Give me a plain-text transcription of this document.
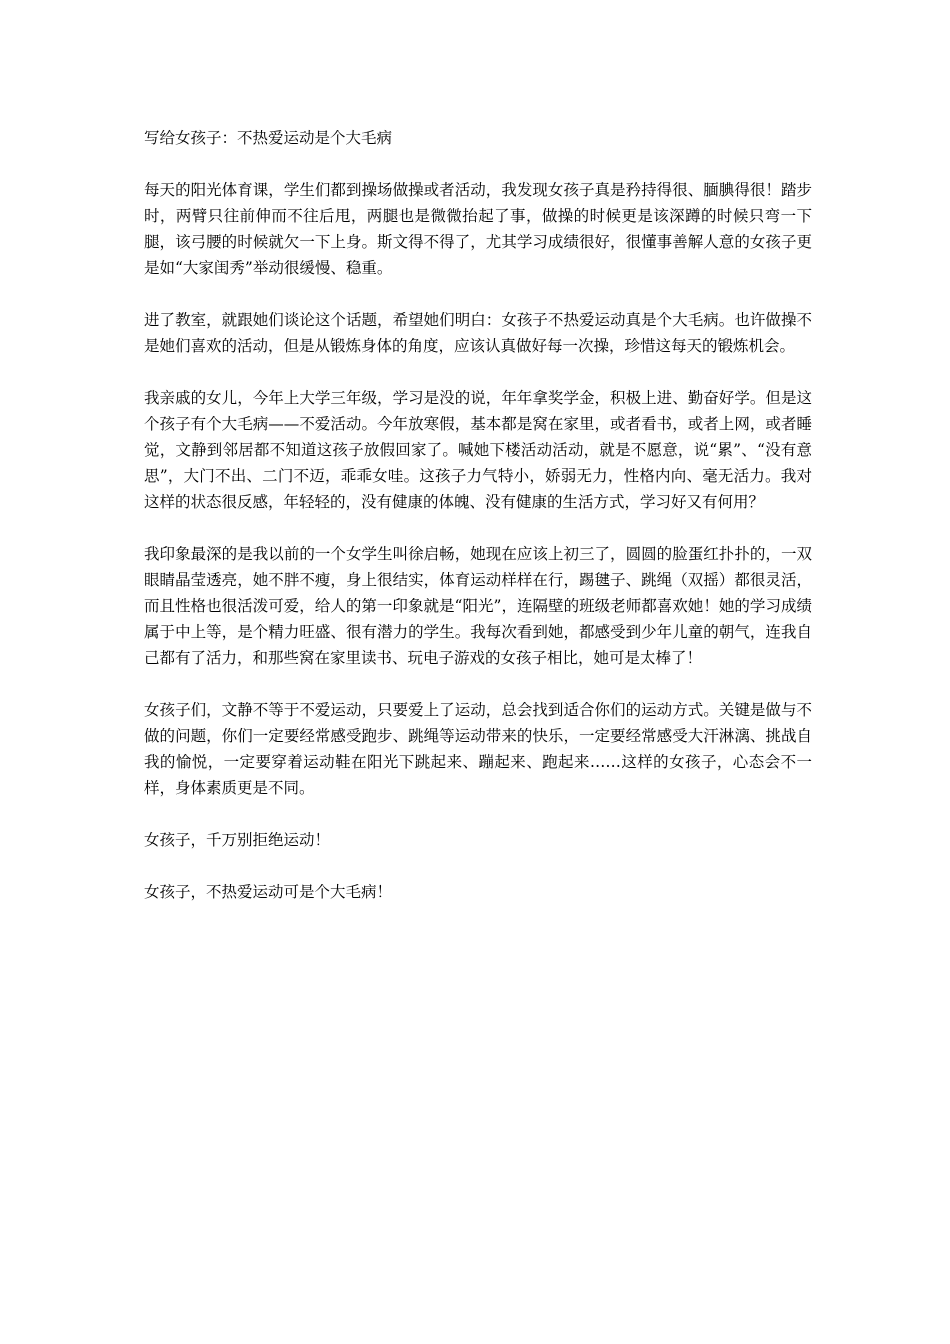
写给女孩子：不热爱运动是个大毛病

每天的阳光体育课，学生们都到操场做操或者活动，我发现女孩子真是矜持得很、腼腆得很！踏步时，两臂只往前伸而不往后甩，两腿也是微微抬起了事，做操的时候更是该深蹲的时候只弯一下腿，该弓腰的时候就欠一下上身。斯文得不得了，尤其学习成绩很好，很懂事善解人意的女孩子更是如“大家闺秀”举动很缓慢、稳重。

进了教室，就跟她们谈论这个话题，希望她们明白：女孩子不热爱运动真是个大毛病。也许做操不是她们喜欢的活动，但是从锻炼身体的角度，应该认真做好每一次操，珍惜这每天的锻炼机会。

我亲戚的女儿，今年上大学三年级，学习是没的说，年年拿奖学金，积极上进、勤奋好学。但是这个孩子有个大毛病——不爱活动。今年放寒假，基本都是窝在家里，或者看书，或者上网，或者睡觉，文静到邻居都不知道这孩子放假回家了。喊她下楼活动活动，就是不愿意，说“累”、“没有意思”，大门不出、二门不迈，乖乖女哇。这孩子力气特小，娇弱无力，性格内向、毫无活力。我对这样的状态很反感，年轻轻的，没有健康的体魄、没有健康的生活方式，学习好又有何用？

我印象最深的是我以前的一个女学生叫徐启畅，她现在应该上初三了，圆圆的脸蛋红扑扑的，一双眼睛晶莹透亮，她不胖不瘦，身上很结实，体育运动样样在行，踢毽子、跳绳（双摇）都很灵活，而且性格也很活泼可爱，给人的第一印象就是“阳光”，连隔壁的班级老师都喜欢她！她的学习成绩属于中上等，是个精力旺盛、很有潜力的学生。我每次看到她，都感受到少年儿童的朝气，连我自己都有了活力，和那些窝在家里读书、玩电子游戏的女孩子相比，她可是太棒了！

女孩子们，文静不等于不爱运动，只要爱上了运动，总会找到适合你们的运动方式。关键是做与不做的问题，你们一定要经常感受跑步、跳绳等运动带来的快乐，一定要经常感受大汗淋漓、挑战自我的愉悦，一定要穿着运动鞋在阳光下跳起来、蹦起来、跑起来……这样的女孩子，心态会不一样，身体素质更是不同。

女孩子，千万别拒绝运动！

女孩子，不热爱运动可是个大毛病！
